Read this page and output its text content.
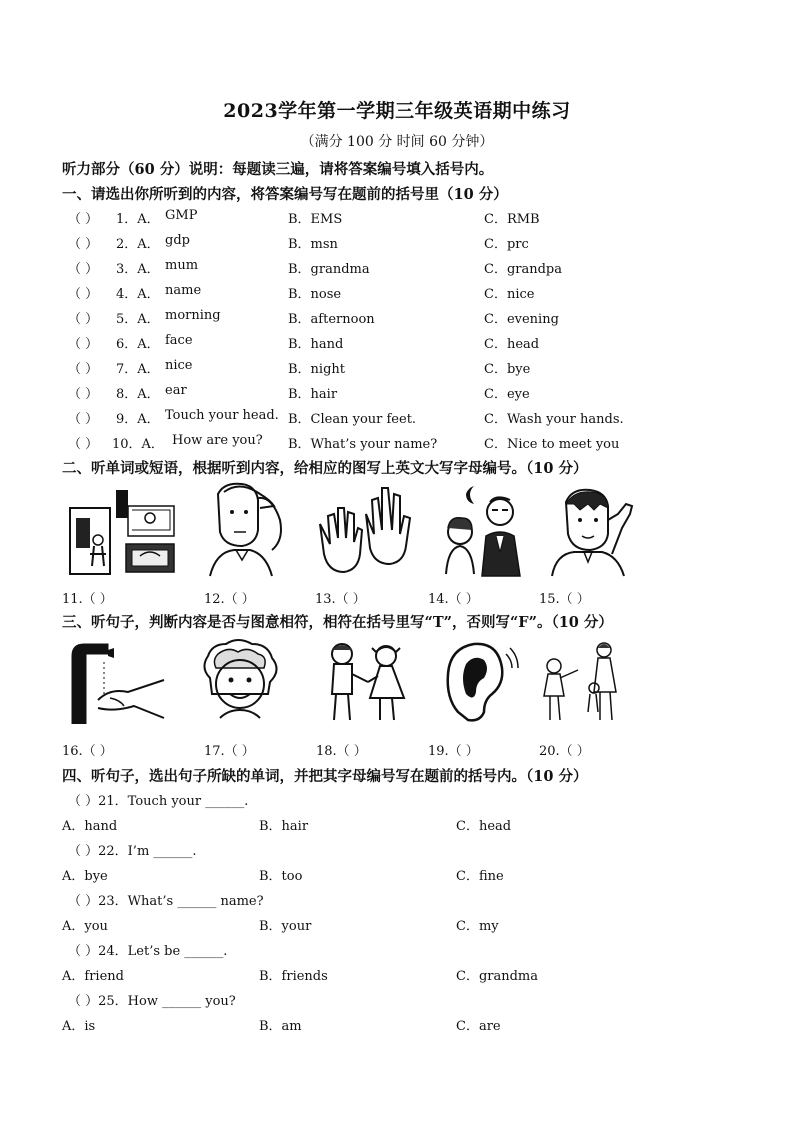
2023学年第一学期三年级英语期中练习
（满分 100 分 时间 60 分钟）
听力部分（60 分）说明：每题读三遍，请将答案编号填入括号内。
一、请选出你所听到的内容，将答案编号写在题前的括号里（10 分）
（ ） 1．A． GMP	B．EMS	C．RMB
（ ） 2．A． gdp	B．msn	C．prc
（ ） 3．A． mum	B．grandma	C．grandpa
（ ） 4．A． name	B．nose	C．nice
（ ） 5．A． morning	B．afternoon	C．evening
（ ） 6．A． face	B．hand	C．head
（ ） 7．A． nice	B．night	C．bye
（ ） 8．A． ear	B．hair	C．eye
（ ） 9．A． Touch your head. B．Clean your feet.	C．Wash your hands.
（ ） 10．A． How are you? B．What’s your name?	C．Nice to meet you
二、听单词或短语，根据听到内容，给相应的图写上英文大写字母编号。（10 分）
11.（ ）	12.（ ）	13.（ ）	14.（ ）	15.（ ）
三、听句子，判断内容是否与图意相符，相符在括号里写“T”，否则写“F”。（10 分）
16.（ ）	17.（ ）	18.（ ）	19.（ ）	20.（ ）
四、听句子，选出句子所缺的单词，并把其字母编号写在题前的括号内。（10 分）
（ ）21．Touch your ______.
A．hand	B．hair	C．head
（ ）22．I’m ______.
A．bye	B．too	C．fine
（ ）23．What’s ______ name?
A．you	B．your	C．my
（ ）24．Let’s be ______.
A．friend	B．friends	C．grandma
（ ）25．How ______ you?
A．is	B．am	C．are
